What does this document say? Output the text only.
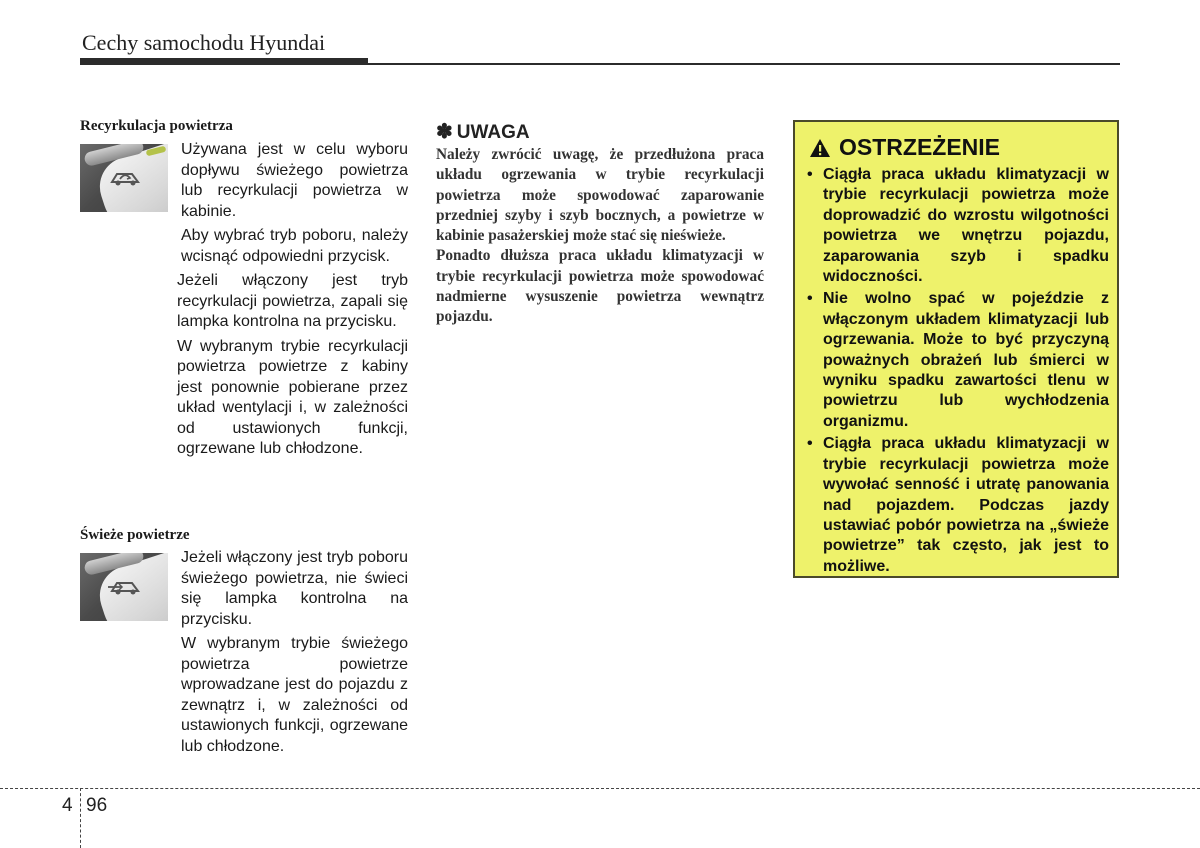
Cechy samochodu Hyundai
Recyrkulacja powietrza

Używana jest w celu wyboru dopływu świeżego powietrza lub recyrkulacji powietrza w kabinie.

Aby wybrać tryb poboru, należy wcisnąć odpowiedni przycisk.

Jeżeli włączony jest tryb recyrkulacji powietrza, zapali się lampka kontrolna na przycisku.

W wybranym trybie recyrkulacji powietrza powietrze z kabiny jest ponownie pobierane przez układ wentylacji i, w zależności od ustawionych funkcji, ogrzewane lub chłodzone.

Świeże powietrze

Jeżeli włączony jest tryb poboru świeżego powietrza, nie świeci się lampka kontrolna na przycisku.

W wybranym trybie świeżego powietrza powietrze wprowadzane jest do pojazdu z zewnątrz i, w zależności od ustawionych funkcji, ogrzewane lub chłodzone.

✽ UWAGA

Należy zwrócić uwagę, że przedłużona praca układu ogrzewania w trybie recyrkulacji powietrza może spowodować zaparowanie przedniej szyby i szyb bocznych, a powietrze w kabinie pasażerskiej może stać się nieświeże.

Ponadto dłuższa praca układu klimatyzacji w trybie recyrkulacji powietrza może spowodować nadmierne wysuszenie powietrza wewnątrz pojazdu.

OSTRZEŻENIE
• Ciągła praca układu klimatyzacji w trybie recyrkulacji powietrza może doprowadzić do wzrostu wilgotności powietrza we wnętrzu pojazdu, zaparowania szyb i spadku widoczności.
• Nie wolno spać w pojeździe z włączonym układem klimatyzacji lub ogrzewania. Może to być przyczyną poważnych obrażeń lub śmierci w wyniku spadku zawartości tlenu w powietrzu lub wychłodzenia organizmu.
• Ciągła praca układu klimatyzacji w trybie recyrkulacji powietrza może wywołać senność i utratę panowania nad pojazdem. Podczas jazdy ustawiać pobór powietrza na „świeże powietrze” tak często, jak jest to możliwe.
4 96
